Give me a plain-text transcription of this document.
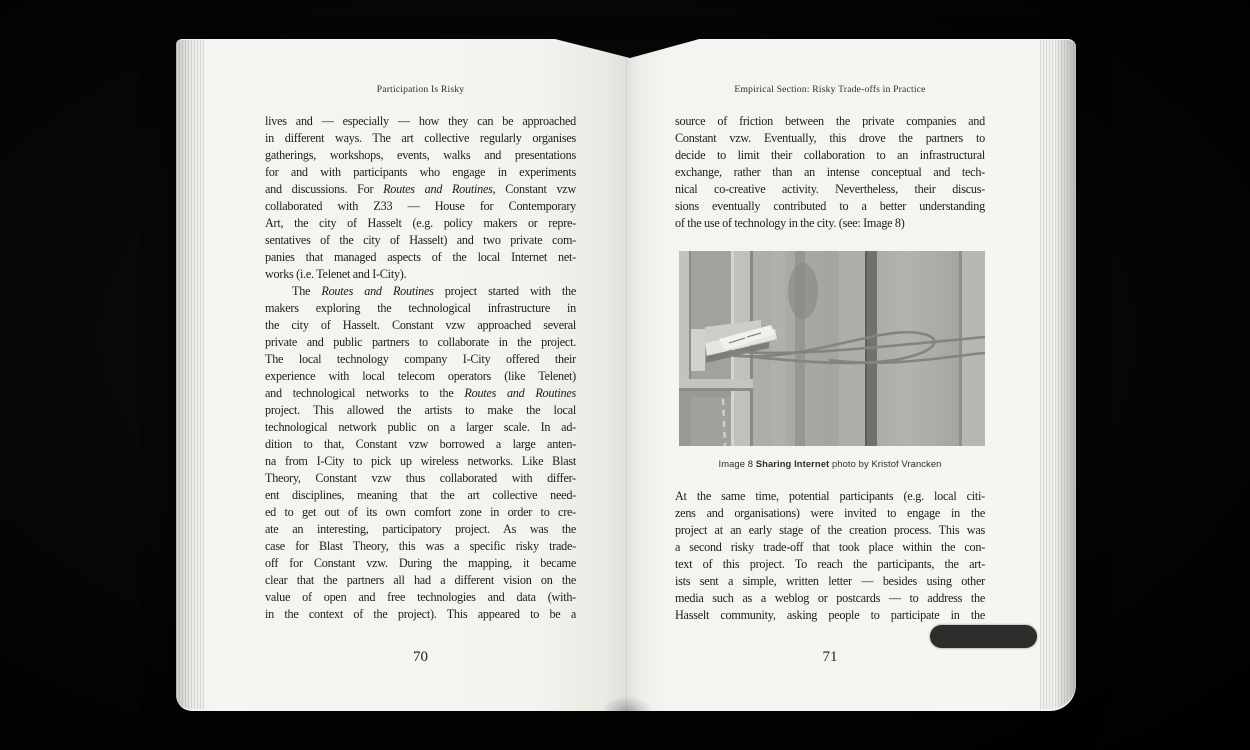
Participation Is Risky
lives and — especially — how they can be approached
in different ways. The art collective regularly organises
gatherings, workshops, events, walks and presentations
for and with participants who engage in experiments
and discussions. For Routes and Routines, Constant vzw
collaborated with Z33 — House for Contemporary
Art, the city of Hasselt (e.g. policy makers or repre-
sentatives of the city of Hasselt) and two private com-
panies that managed aspects of the local Internet net-
works (i.e. Telenet and I-City).
The Routes and Routines project started with the
makers exploring the technological infrastructure in
the city of Hasselt. Constant vzw approached several
private and public partners to collaborate in the project.
The local technology company I-City offered their
experience with local telecom operators (like Telenet)
and technological networks to the Routes and Routines
project. This allowed the artists to make the local
technological network public on a larger scale. In ad-
dition to that, Constant vzw borrowed a large anten-
na from I-City to pick up wireless networks. Like Blast
Theory, Constant vzw thus collaborated with differ-
ent disciplines, meaning that the art collective need-
ed to get out of its own comfort zone in order to cre-
ate an interesting, participatory project. As was the
case for Blast Theory, this was a specific risky trade-
off for Constant vzw. During the mapping, it became
clear that the partners all had a different vision on the
value of open and free technologies and data (with-
in the context of the project). This appeared to be a
70
Empirical Section: Risky Trade-offs in Practice
source of friction between the private companies and
Constant vzw. Eventually, this drove the partners to
decide to limit their collaboration to an infrastructural
exchange, rather than an intense conceptual and tech-
nical co-creative activity. Nevertheless, their discus-
sions eventually contributed to a better understanding
of the use of technology in the city. (see: Image 8)
Image 8 Sharing Internet photo by Kristof Vrancken
At the same time, potential participants (e.g. local citi-
zens and organisations) were invited to engage in the
project at an early stage of the creation process. This was
a second risky trade-off that took place within the con-
text of this project. To reach the participants, the art-
ists sent a simple, written letter — besides using other
media such as a weblog or postcards — to address the
Hasselt community, asking people to participate in the
71
